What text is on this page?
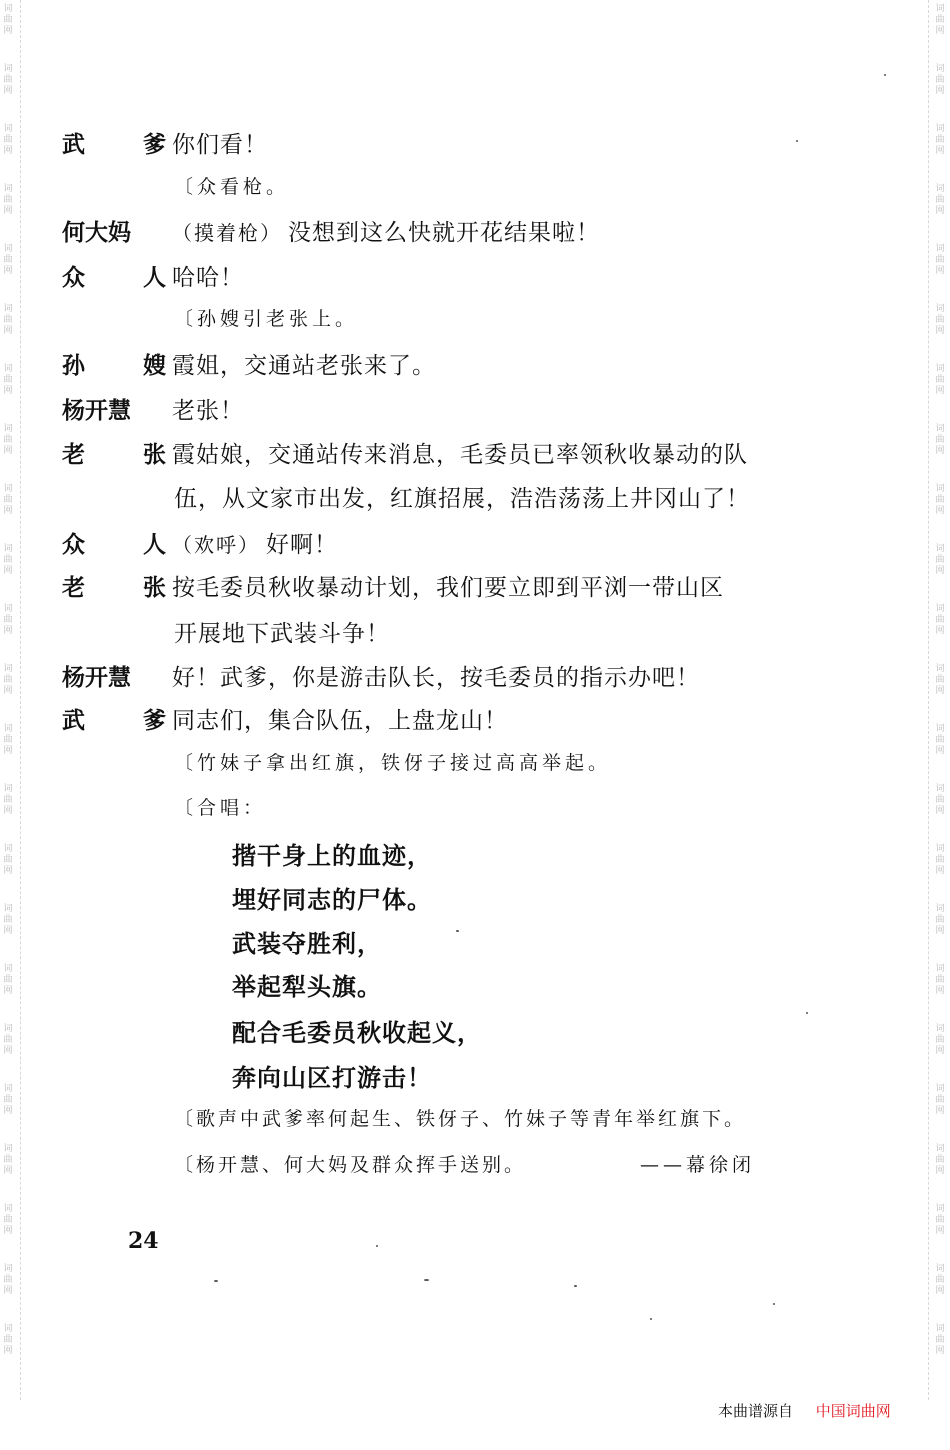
词
曲
网
词
曲
网
词
曲
网
词
曲
网
词
曲
网
词
曲
网
词
曲
网
词
曲
网
词
曲
网
词
曲
网
词
曲
网
词
曲
网
词
曲
网
词
曲
网
词
曲
网
词
曲
网
词
曲
网
词
曲
网
词
曲
网
词
曲
网
词
曲
网
词
曲
网
词
曲
网
词
曲
网
词
曲
网
词
曲
网
词
曲
网
词
曲
网
词
曲
网
词
曲
网
词
曲
网
词
曲
网
词
曲
网
词
曲
网
词
曲
网
词
曲
网
词
曲
网
词
曲
网
词
曲
网
词
曲
网
词
曲
网
词
曲
网
词
曲
网
词
曲
网
词
曲
网
词
曲
网
武	爹 你们看！
〔众看枪。
何大妈 （摸着枪） 没想到这么快就开花结果啦！
众	人 哈哈！
〔孙嫂引老张上。
孙	嫂 霞姐，交通站老张来了。
杨开慧 老张！
老	张 霞姑娘，交通站传来消息，毛委员已率领秋收暴动的队
伍，从文家市出发，红旗招展，浩浩荡荡上井冈山了！
众	人 （欢呼） 好啊！
老	张 按毛委员秋收暴动计划，我们要立即到平浏一带山区
开展地下武装斗争！
杨开慧 好！武爹，你是游击队长，按毛委员的指示办吧！
武	爹 同志们，集合队伍，上盘龙山！
〔竹妹子拿出红旗，铁伢子接过高高举起。
〔合唱：
揩干身上的血迹，
埋好同志的尸体。
武装夺胜利，
举起犁头旗。
配合毛委员秋收起义，
奔向山区打游击！
〔歌声中武爹率何起生、铁伢子、竹妹子等青年举红旗下。
〔杨开慧、何大妈及群众挥手送别。	——幕徐闭
24
本曲谱源自 中国词曲网
